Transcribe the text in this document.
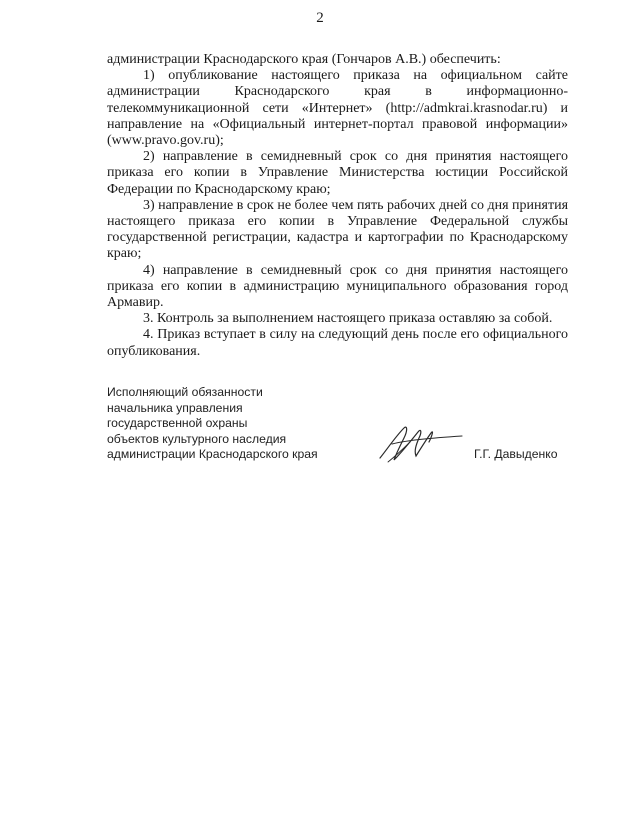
2

администрации Краснодарского края (Гончаров А.В.) обеспечить:

1) опубликование настоящего приказа на официальном сайте администрации Краснодарского края в информационно-телекоммуникационной сети «Интернет» (http://admkrai.krasnodar.ru) и направление на «Официальный интернет-портал правовой информации» (www.pravo.gov.ru);

2) направление в семидневный срок со дня принятия настоящего приказа его копии в Управление Министерства юстиции Российской Федерации по Краснодарскому краю;

3) направление в срок не более чем пять рабочих дней со дня принятия настоящего приказа его копии в Управление Федеральной службы государственной регистрации, кадастра и картографии по Краснодарскому краю;

4) направление в семидневный срок со дня принятия настоящего приказа его копии в администрацию муниципального образования город Армавир.

3. Контроль за выполнением настоящего приказа оставляю за собой.

4. Приказ вступает в силу на следующий день после его официального опубликования.

Исполняющий обязанности
начальника управления
государственной охраны
объектов культурного наследия
администрации Краснодарского края	Г.Г. Давыденко
